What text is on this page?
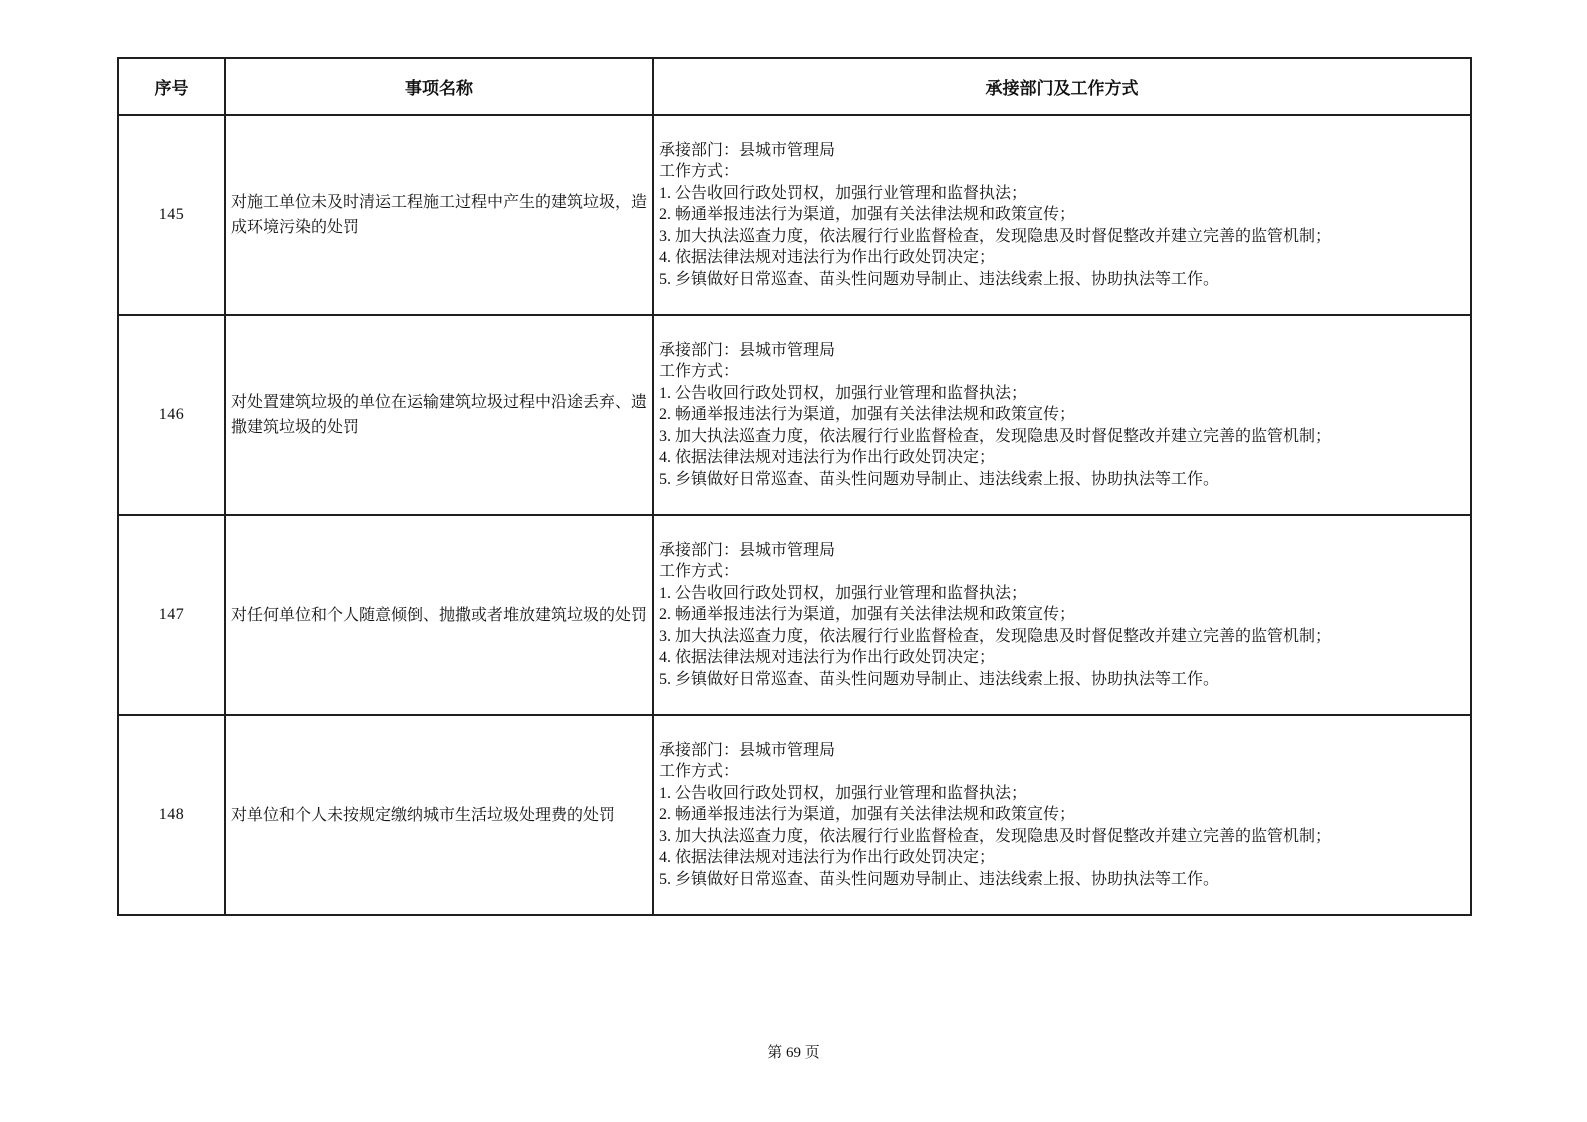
序号	事项名称	承接部门及工作方式
145	对施工单位未及时清运工程施工过程中产生的建筑垃圾，造成环境污染的处罚	
承接部门：县城市管理局
工作方式：
1. 公告收回行政处罚权，加强行业管理和监督执法；
2. 畅通举报违法行为渠道，加强有关法律法规和政策宣传；
3. 加大执法巡查力度，依法履行行业监督检查，发现隐患及时督促整改并建立完善的监管机制；
4. 依据法律法规对违法行为作出行政处罚决定；
5. 乡镇做好日常巡查、苗头性问题劝导制止、违法线索上报、协助执法等工作。

146	对处置建筑垃圾的单位在运输建筑垃圾过程中沿途丢弃、遗撒建筑垃圾的处罚	
承接部门：县城市管理局
工作方式：
1. 公告收回行政处罚权，加强行业管理和监督执法；
2. 畅通举报违法行为渠道，加强有关法律法规和政策宣传；
3. 加大执法巡查力度，依法履行行业监督检查，发现隐患及时督促整改并建立完善的监管机制；
4. 依据法律法规对违法行为作出行政处罚决定；
5. 乡镇做好日常巡查、苗头性问题劝导制止、违法线索上报、协助执法等工作。

147	对任何单位和个人随意倾倒、抛撒或者堆放建筑垃圾的处罚	
承接部门：县城市管理局
工作方式：
1. 公告收回行政处罚权，加强行业管理和监督执法；
2. 畅通举报违法行为渠道，加强有关法律法规和政策宣传；
3. 加大执法巡查力度，依法履行行业监督检查，发现隐患及时督促整改并建立完善的监管机制；
4. 依据法律法规对违法行为作出行政处罚决定；
5. 乡镇做好日常巡查、苗头性问题劝导制止、违法线索上报、协助执法等工作。

148	对单位和个人未按规定缴纳城市生活垃圾处理费的处罚	
承接部门：县城市管理局
工作方式：
1. 公告收回行政处罚权，加强行业管理和监督执法；
2. 畅通举报违法行为渠道，加强有关法律法规和政策宣传；
3. 加大执法巡查力度，依法履行行业监督检查，发现隐患及时督促整改并建立完善的监管机制；
4. 依据法律法规对违法行为作出行政处罚决定；
5. 乡镇做好日常巡查、苗头性问题劝导制止、违法线索上报、协助执法等工作。
第 69 页
